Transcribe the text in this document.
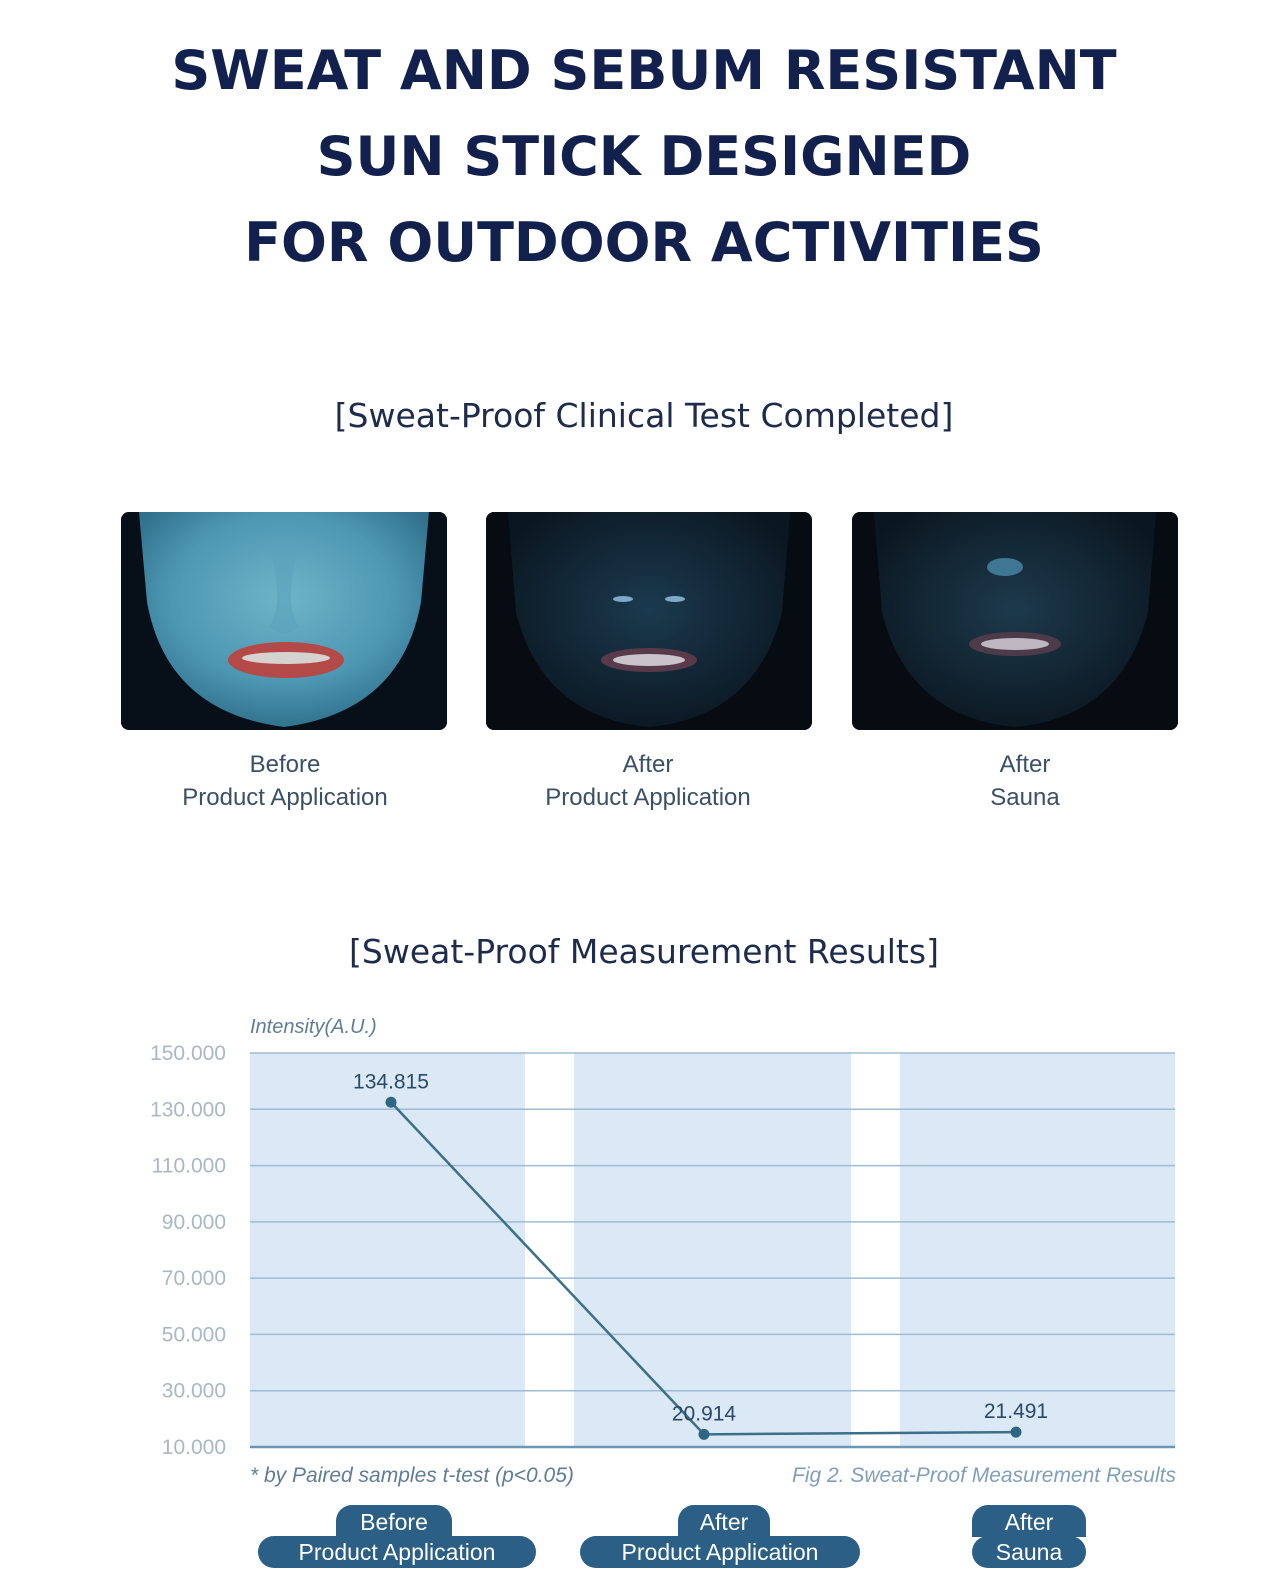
SWEAT AND SEBUM RESISTANT
SUN STICK DESIGNED
FOR OUTDOOR ACTIVITIES
[Sweat-Proof Clinical Test Completed]
Before
Product Application
After
Product Application
After
Sauna
[Sweat-Proof Measurement Results]
Intensity(A.U.)
150.000
130.000
110.000
90.000
70.000
50.000
30.000
10.000
134.815
20.914	21.491
* by Paired samples t-test (p<0.05)	Fig 2. Sweat-Proof Measurement Results
Before
Product Application
After
Product Application
After
Sauna
